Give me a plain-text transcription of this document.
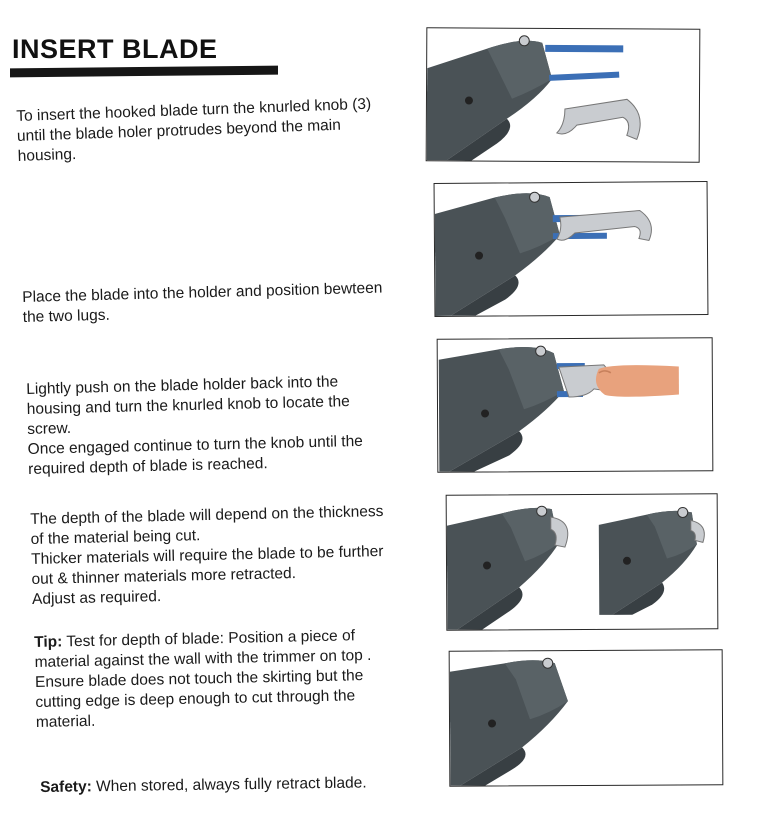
INSERT BLADE

To insert the hooked blade turn the knurled knob (3)
until the blade holer protrudes beyond the main
housing.

Place the blade into the holder and position bewteen
the two lugs.

Lightly push on the blade holder back into the
housing and turn the knurled knob to locate the
screw.
Once engaged continue to turn the knob until the
required depth of blade is reached.

The depth of the blade will depend on the thickness
of the material being cut.
Thicker materials will require the blade to be further
out & thinner materials more retracted.
Adjust as required.

Tip: Test for depth of blade: Position a piece of
material against the wall with the trimmer on top .
Ensure blade does not touch the skirting but the
cutting edge is deep enough to cut through the
material.

Safety: When stored, always fully retract blade.
